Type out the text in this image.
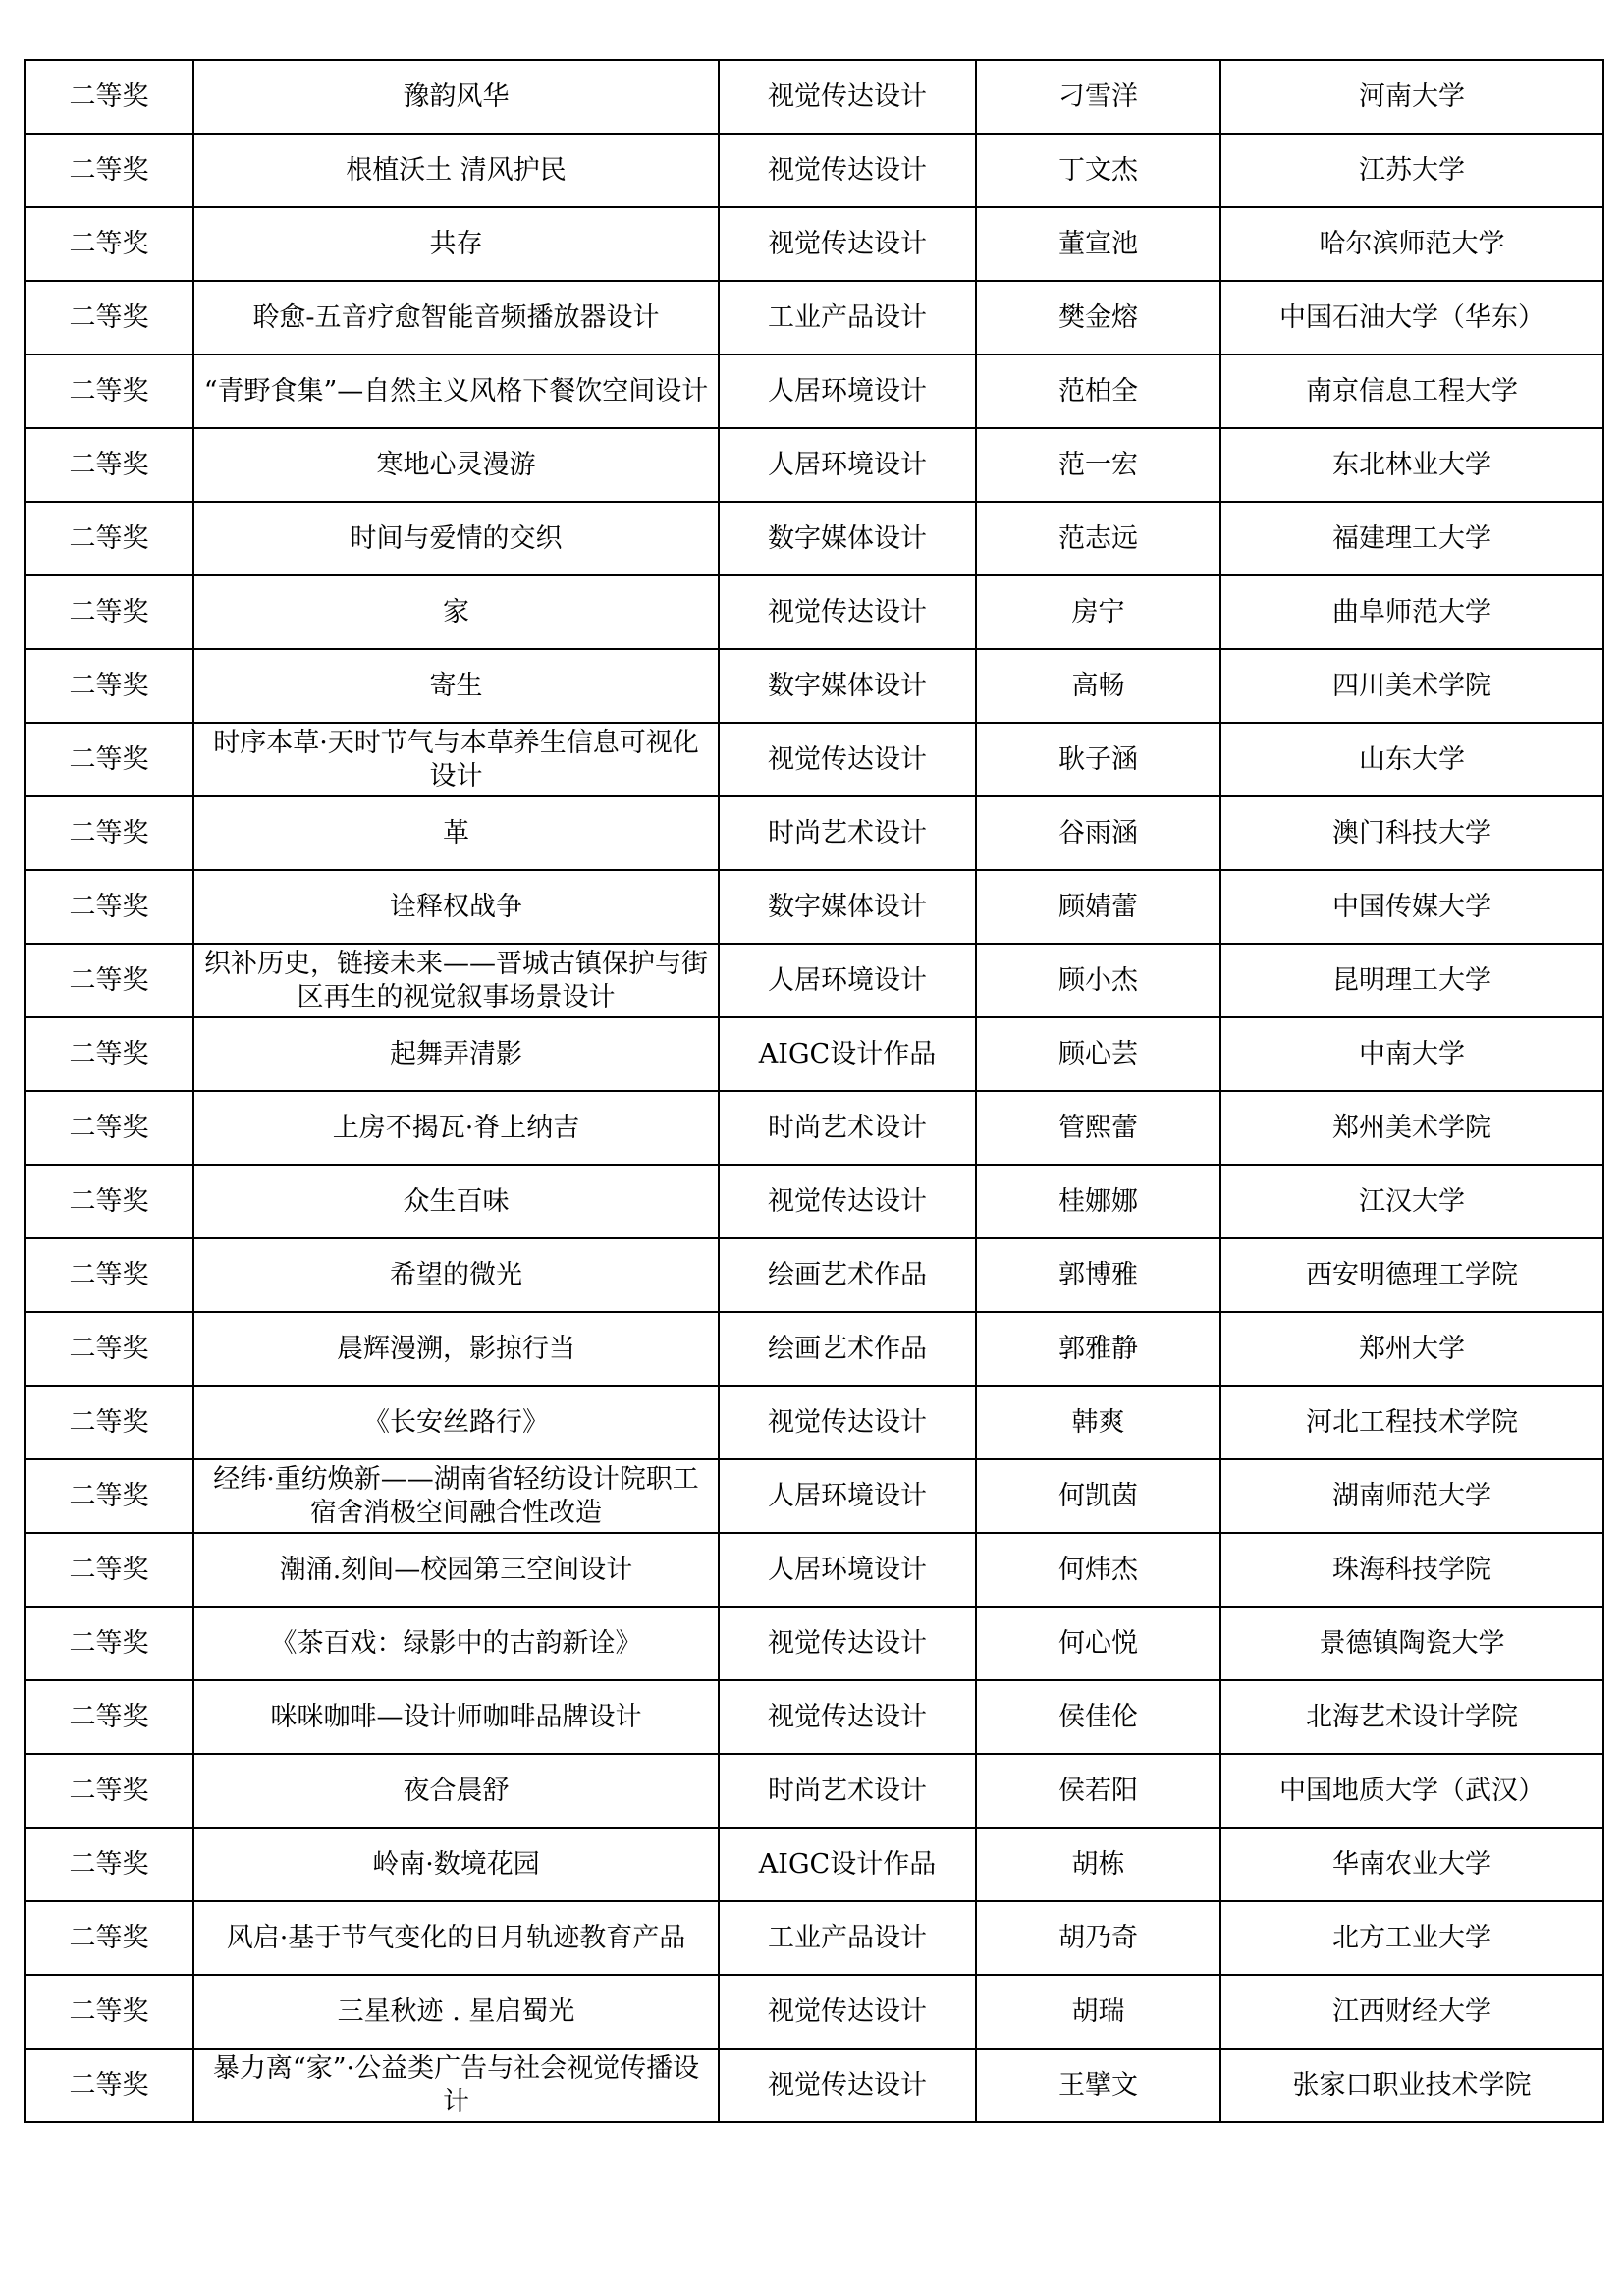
二等奖	豫韵风华	视觉传达设计	刁雪洋	河南大学
二等奖	根植沃土 清风护民	视觉传达设计	丁文杰	江苏大学
二等奖	共存	视觉传达设计	董宣池	哈尔滨师范大学
二等奖	聆愈-五音疗愈智能音频播放器设计	工业产品设计	樊金熔	中国石油大学（华东）
二等奖	“青野食集”—自然主义风格下餐饮空间设计	人居环境设计	范柏全	南京信息工程大学
二等奖	寒地心灵漫游	人居环境设计	范一宏	东北林业大学
二等奖	时间与爱情的交织	数字媒体设计	范志远	福建理工大学
二等奖	家	视觉传达设计	房宁	曲阜师范大学
二等奖	寄生	数字媒体设计	高畅	四川美术学院
二等奖	时序本草·天时节气与本草养生信息可视化设计	视觉传达设计	耿子涵	山东大学
二等奖	革	时尚艺术设计	谷雨涵	澳门科技大学
二等奖	诠释权战争	数字媒体设计	顾婧蕾	中国传媒大学
二等奖	织补历史，链接未来——晋城古镇保护与街区再生的视觉叙事场景设计	人居环境设计	顾小杰	昆明理工大学
二等奖	起舞弄清影	AIGC设计作品	顾心芸	中南大学
二等奖	上房不揭瓦·脊上纳吉	时尚艺术设计	管熙蕾	郑州美术学院
二等奖	众生百味	视觉传达设计	桂娜娜	江汉大学
二等奖	希望的微光	绘画艺术作品	郭博雅	西安明德理工学院
二等奖	晨辉漫溯，影掠行当	绘画艺术作品	郭雅静	郑州大学
二等奖	《长安丝路行》	视觉传达设计	韩爽	河北工程技术学院
二等奖	经纬·重纺焕新——湖南省轻纺设计院职工宿舍消极空间融合性改造	人居环境设计	何凯茵	湖南师范大学
二等奖	潮涌.刻间—校园第三空间设计	人居环境设计	何炜杰	珠海科技学院
二等奖	《茶百戏：绿影中的古韵新诠》	视觉传达设计	何心悦	景德镇陶瓷大学
二等奖	咪咪咖啡—设计师咖啡品牌设计	视觉传达设计	侯佳伦	北海艺术设计学院
二等奖	夜合晨舒	时尚艺术设计	侯若阳	中国地质大学（武汉）
二等奖	岭南·数境花园	AIGC设计作品	胡栋	华南农业大学
二等奖	风启·基于节气变化的日月轨迹教育产品	工业产品设计	胡乃奇	北方工业大学
二等奖	三星秋迹 . 星启蜀光	视觉传达设计	胡瑞	江西财经大学
二等奖	暴力离“家”·公益类广告与社会视觉传播设计	视觉传达设计	王擘文	张家口职业技术学院
